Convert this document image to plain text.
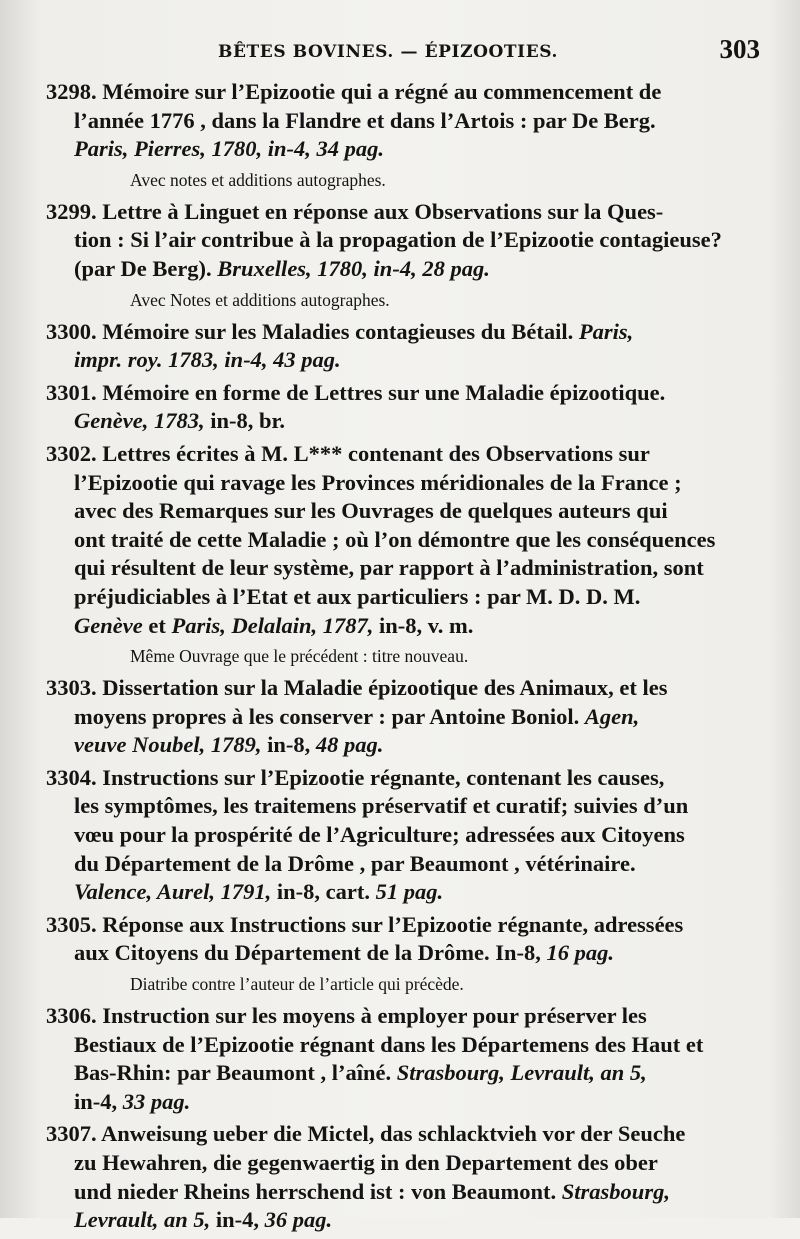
BÊTES BOVINES. — ÉPIZOOTIES.	303
3298. Mémoire sur l’Epizootie qui a régné au commencement de
l’année 1776 , dans la Flandre et dans l’Artois : par De Berg.
Paris, Pierres, 1780, in-4, 34 pag.
Avec notes et additions autographes.
3299. Lettre à Linguet en réponse aux Observations sur la Ques-
tion : Si l’air contribue à la propagation de l’Epizootie contagieuse?
(par De Berg). Bruxelles, 1780, in-4, 28 pag.
Avec Notes et additions autographes.
3300. Mémoire sur les Maladies contagieuses du Bétail. Paris,
impr. roy. 1783, in-4, 43 pag.
3301. Mémoire en forme de Lettres sur une Maladie épizootique.
Genève, 1783, in-8, br.
3302. Lettres écrites à M. L*** contenant des Observations sur
l’Epizootie qui ravage les Provinces méridionales de la France ;
avec des Remarques sur les Ouvrages de quelques auteurs qui
ont traité de cette Maladie ; où l’on démontre que les conséquences
qui résultent de leur système, par rapport à l’administration, sont
préjudiciables à l’Etat et aux particuliers : par M. D. D. M.
Genève et Paris, Delalain, 1787, in-8, v. m.
Même Ouvrage que le précédent : titre nouveau.
3303. Dissertation sur la Maladie épizootique des Animaux, et les
moyens propres à les conserver : par Antoine Boniol. Agen,
veuve Noubel, 1789, in-8, 48 pag.
3304. Instructions sur l’Epizootie régnante, contenant les causes,
les symptômes, les traitemens préservatif et curatif; suivies d’un
vœu pour la prospérité de l’Agriculture; adressées aux Citoyens
du Département de la Drôme , par Beaumont , vétérinaire.
Valence, Aurel, 1791, in-8, cart. 51 pag.
3305. Réponse aux Instructions sur l’Epizootie régnante, adressées
aux Citoyens du Département de la Drôme. In-8, 16 pag.
Diatribe contre l’auteur de l’article qui précède.
3306. Instruction sur les moyens à employer pour préserver les
Bestiaux de l’Epizootie régnant dans les Départemens des Haut et
Bas-Rhin: par Beaumont , l’aîné. Strasbourg, Levrault, an 5,
in-4, 33 pag.
3307. Anweisung ueber die Mictel, das schlacktvieh vor der Seuche
zu Hewahren, die gegenwaertig in den Departement des ober
und nieder Rheins herrschend ist : von Beaumont. Strasbourg,
Levrault, an 5, in-4, 36 pag.
